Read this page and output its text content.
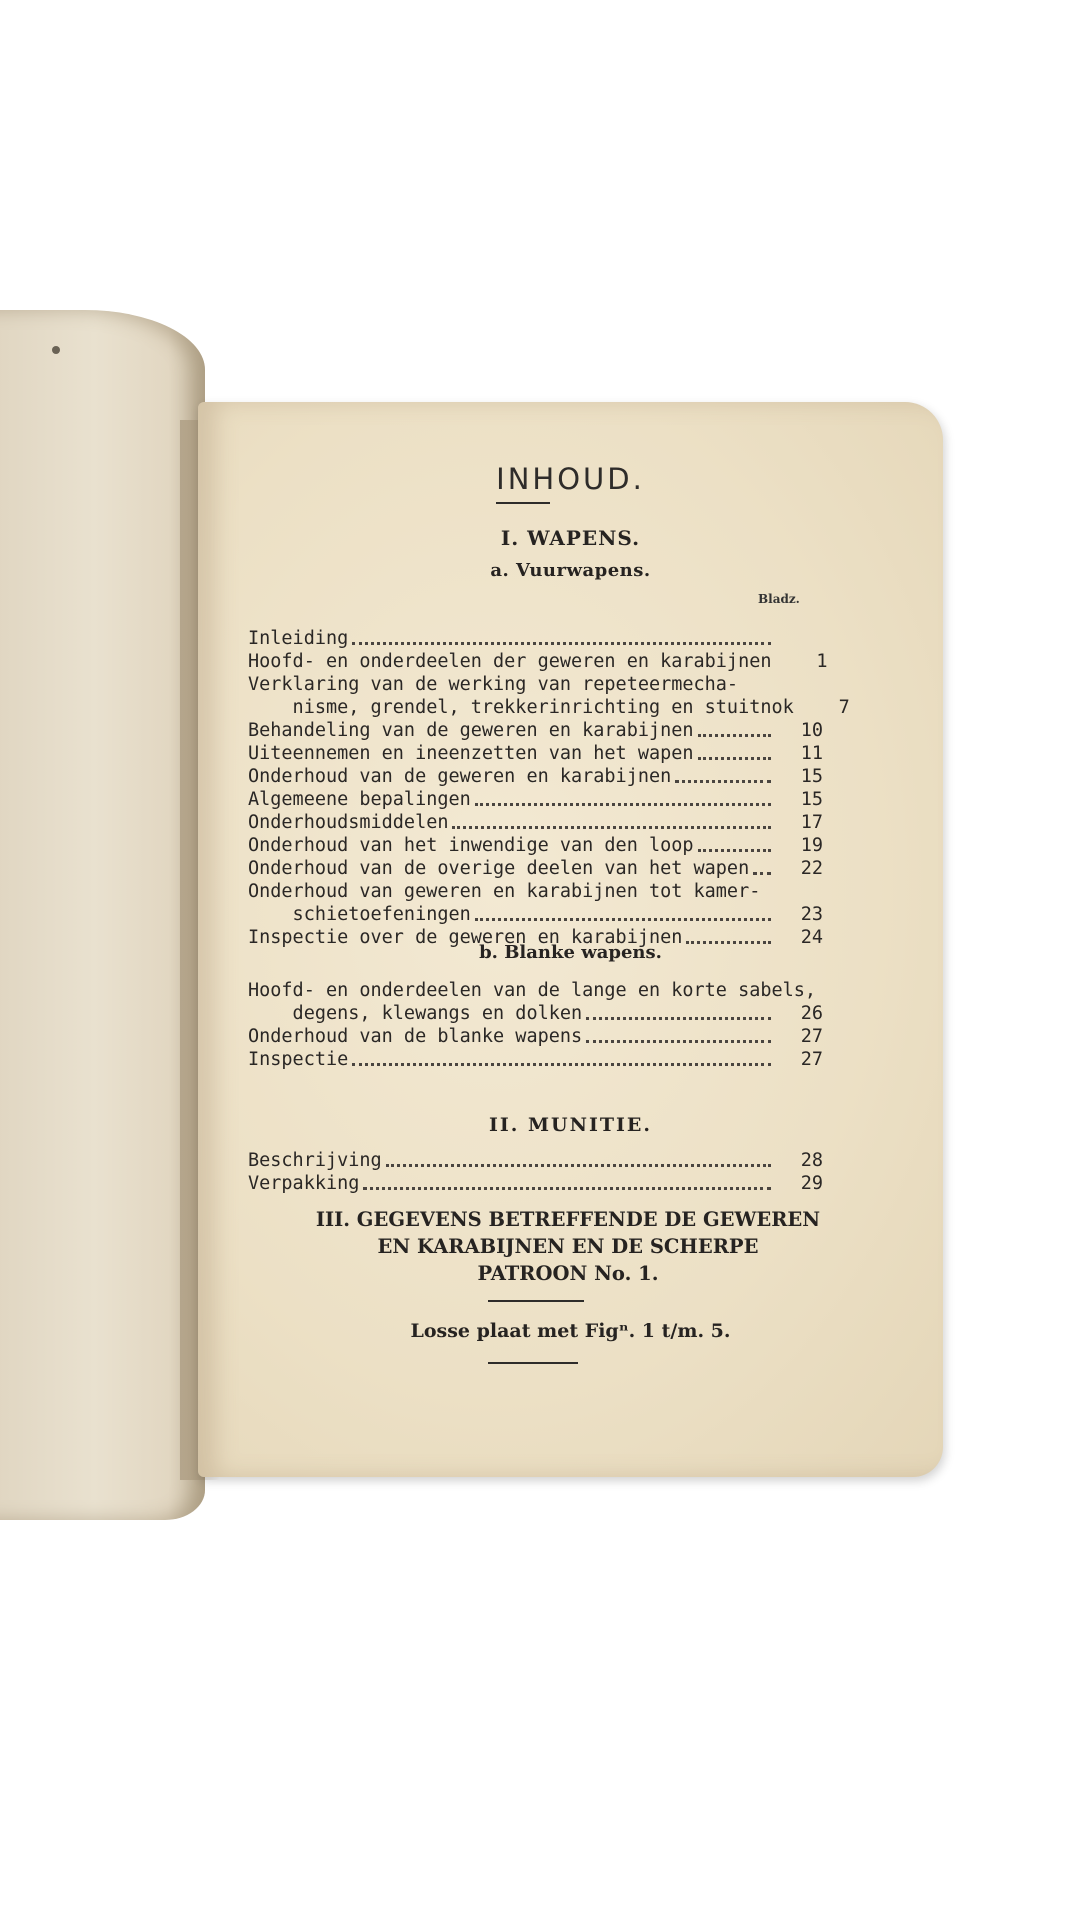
INHOUD.
I. WAPENS.
a. Vuurwapens.
Bladz.
Inleiding
Hoofd- en onderdeelen der geweren en karabijnen	1
Verklaring van de werking van repeteermecha-
nisme, grendel, trekkerinrichting en stuitnok	7
Behandeling van de geweren en karabijnen	10
Uiteennemen en ineenzetten van het wapen	11
Onderhoud van de geweren en karabijnen	15
Algemeene bepalingen	15
Onderhoudsmiddelen	17
Onderhoud van het inwendige van den loop	19
Onderhoud van de overige deelen van het wapen	22
Onderhoud van geweren en karabijnen tot kamer-
schietoefeningen	23
Inspectie over de geweren en karabijnen	24
b. Blanke wapens.
Hoofd- en onderdeelen van de lange en korte sabels,
degens, klewangs en dolken	26
Onderhoud van de blanke wapens	27
Inspectie	27
II. MUNITIE.
Beschrijving	28
Verpakking	29
III. GEGEVENS BETREFFENDE DE GEWEREN
EN KARABIJNEN EN DE SCHERPE
PATROON No. 1.
Losse plaat met Figⁿ. 1 t/m. 5.
